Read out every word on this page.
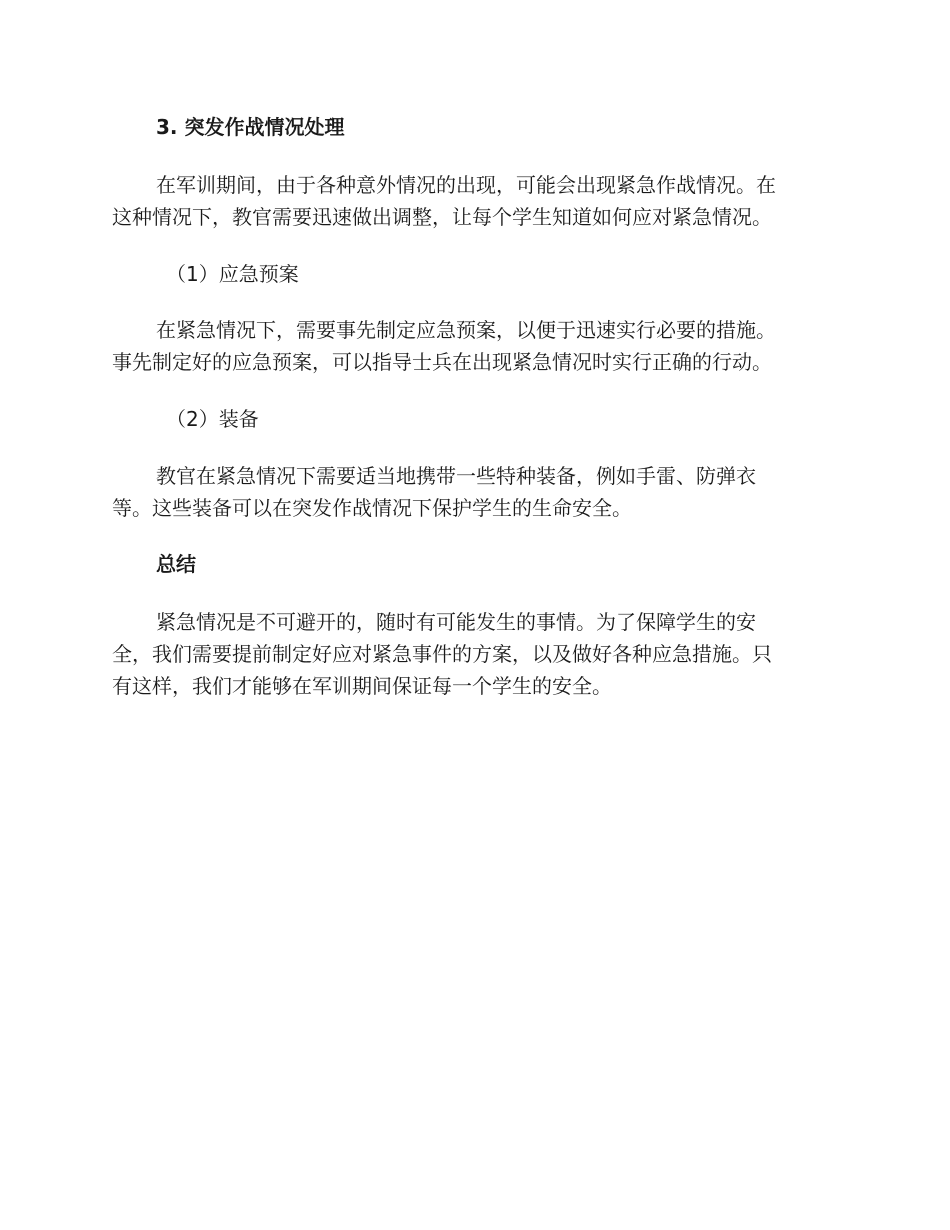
3. 突发作战情况处理
在军训期间，由于各种意外情况的出现，可能会出现紧急作战情况。在
这种情况下，教官需要迅速做出调整，让每个学生知道如何应对紧急情况。
（1）应急预案
在紧急情况下，需要事先制定应急预案，以便于迅速实行必要的措施。
事先制定好的应急预案，可以指导士兵在出现紧急情况时实行正确的行动。
（2）装备
教官在紧急情况下需要适当地携带一些特种装备，例如手雷、防弹衣
等。这些装备可以在突发作战情况下保护学生的生命安全。
总结
紧急情况是不可避开的，随时有可能发生的事情。为了保障学生的安
全，我们需要提前制定好应对紧急事件的方案，以及做好各种应急措施。只
有这样，我们才能够在军训期间保证每一个学生的安全。
